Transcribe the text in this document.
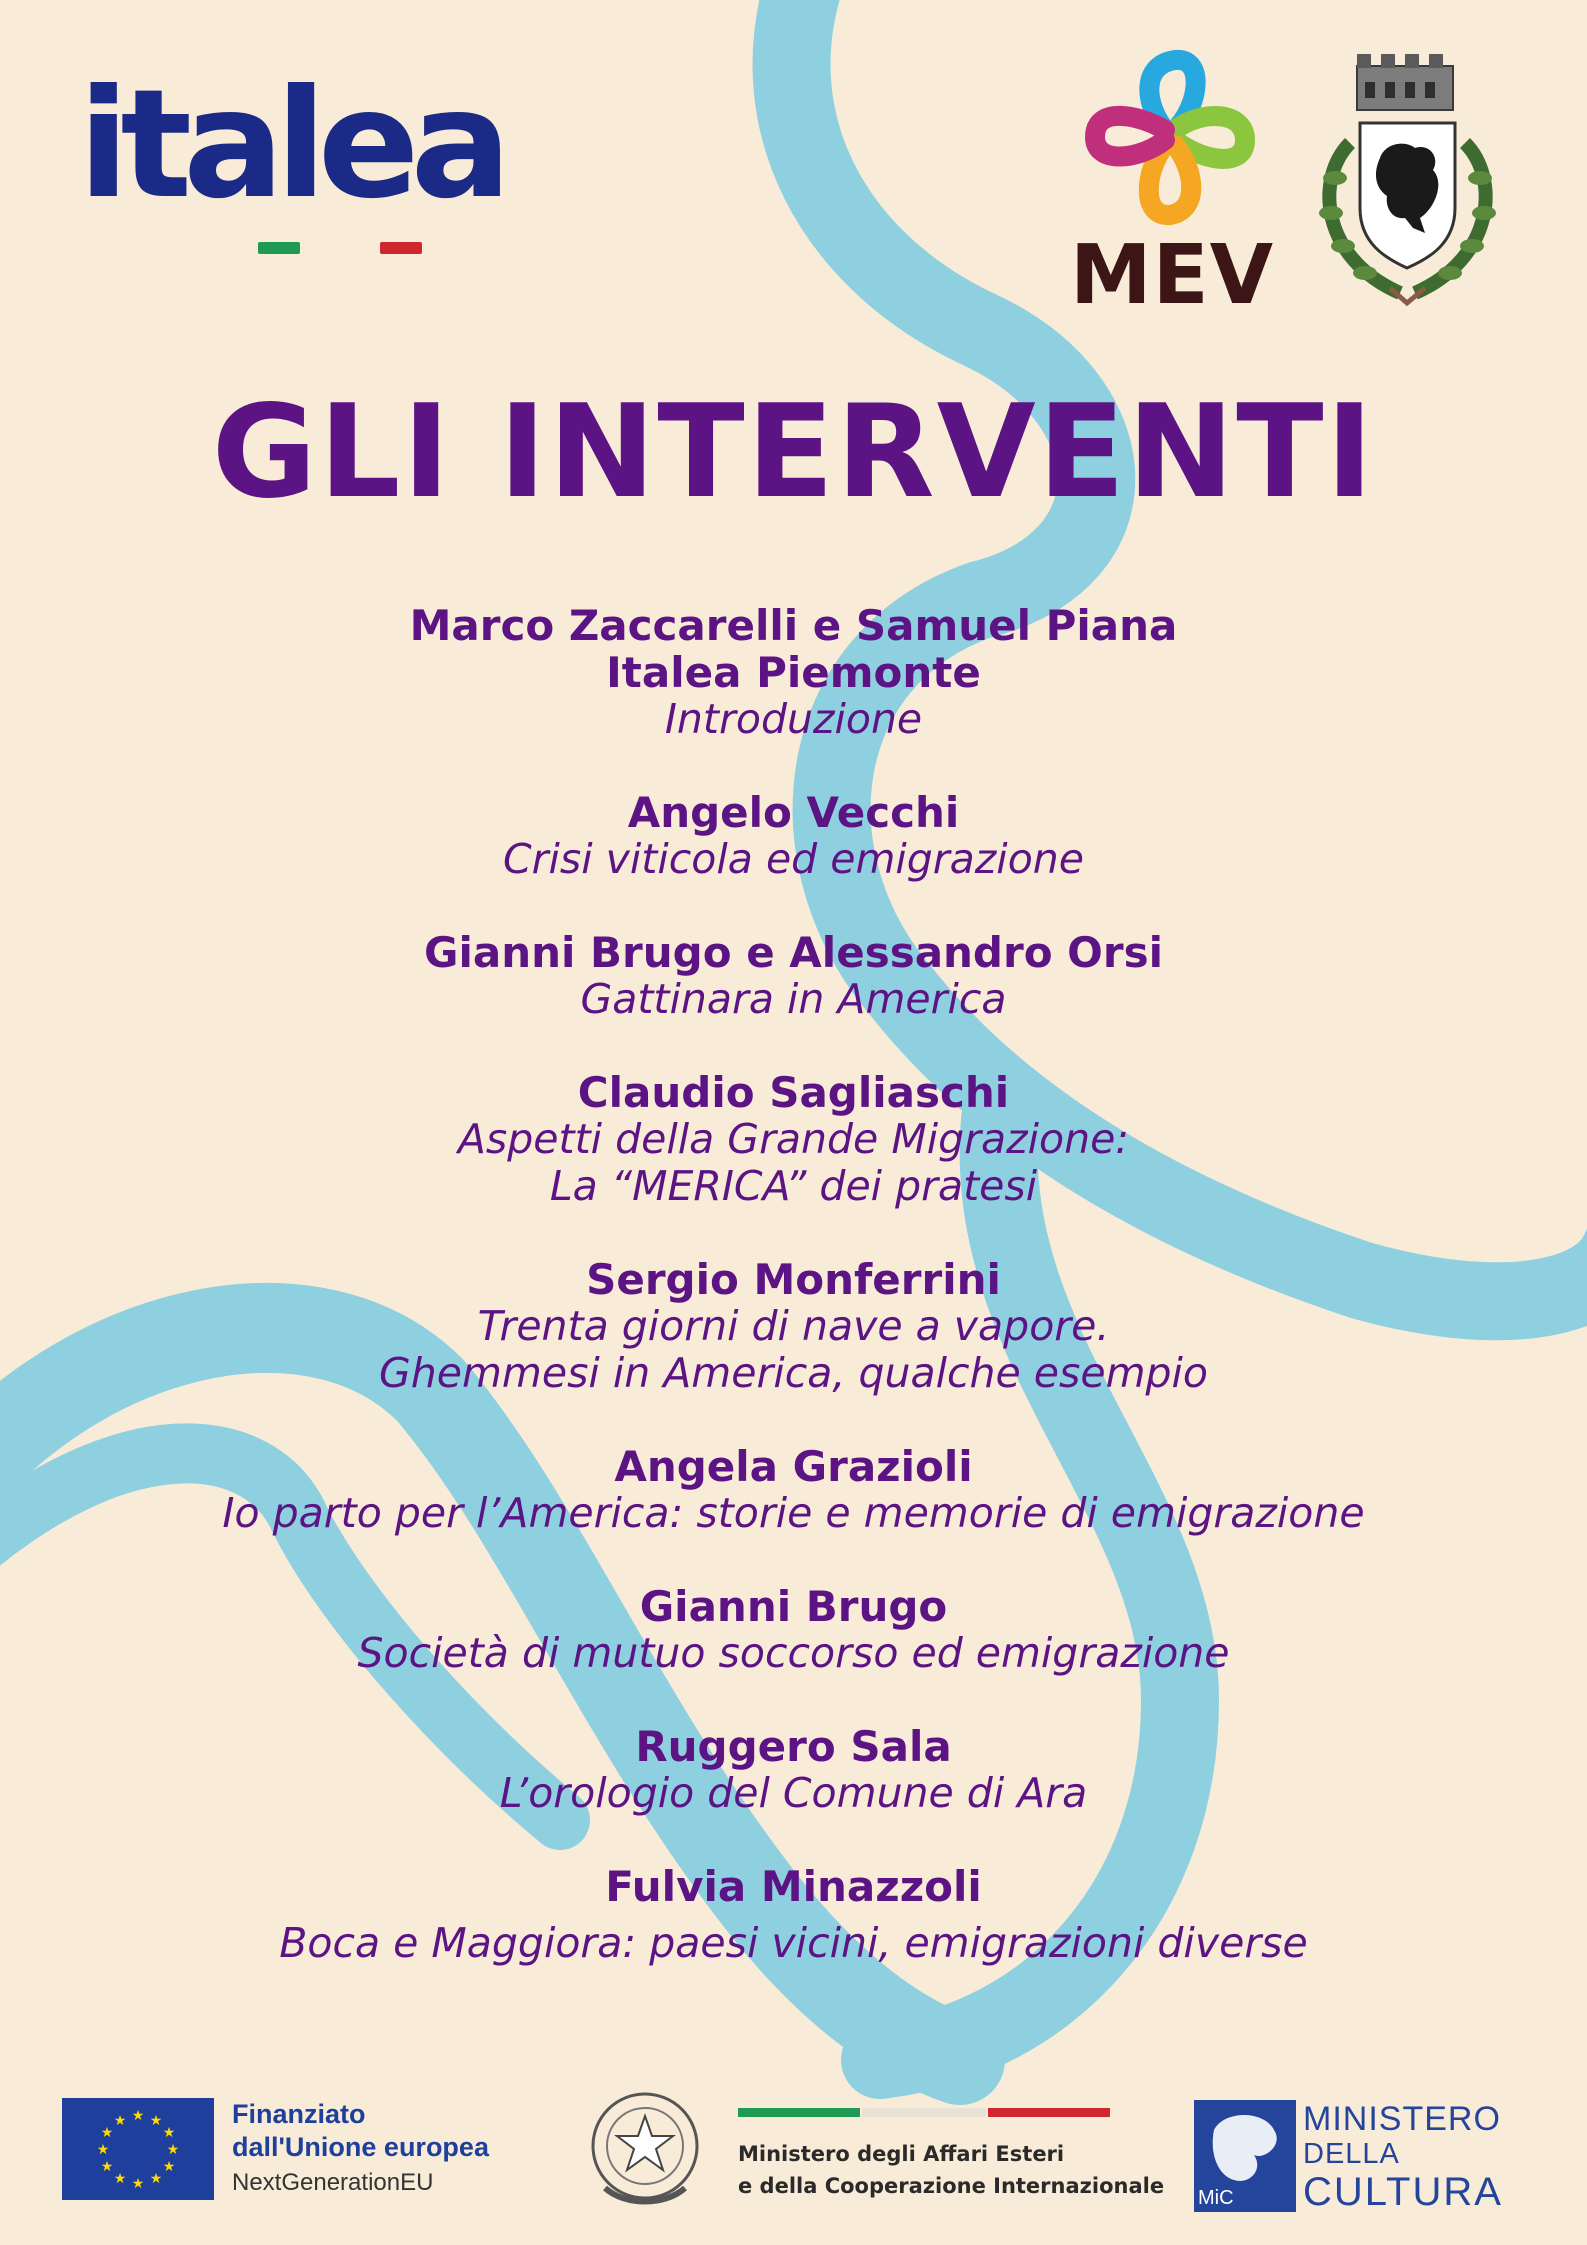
italea
MEV
GLI INTERVENTI
Marco Zaccarelli e Samuel Piana
Italea Piemonte
Introduzione
Angelo Vecchi
Crisi viticola ed emigrazione
Gianni Brugo e Alessandro Orsi
Gattinara in America
Claudio Sagliaschi
Aspetti della Grande Migrazione:
La “MERICA” dei pratesi
Sergio Monferrini
Trenta giorni di nave a vapore.
Ghemmesi in America, qualche esempio
Angela Grazioli
Io parto per l’America: storie e memorie di emigrazione
Gianni Brugo
Società di mutuo soccorso ed emigrazione
Ruggero Sala
L’orologio del Comune di Ara
Fulvia Minazzoli
Boca e Maggiora: paesi vicini, emigrazioni diverse
★ ★
★
★
★
★
★
★
★
★
★
★	Finanziato
dall'Unione europea
NextGenerationEU
Ministero degli Affari Esteri
e della Cooperazione Internazionale MiC
MINISTERO
DELLA
CULTURA
